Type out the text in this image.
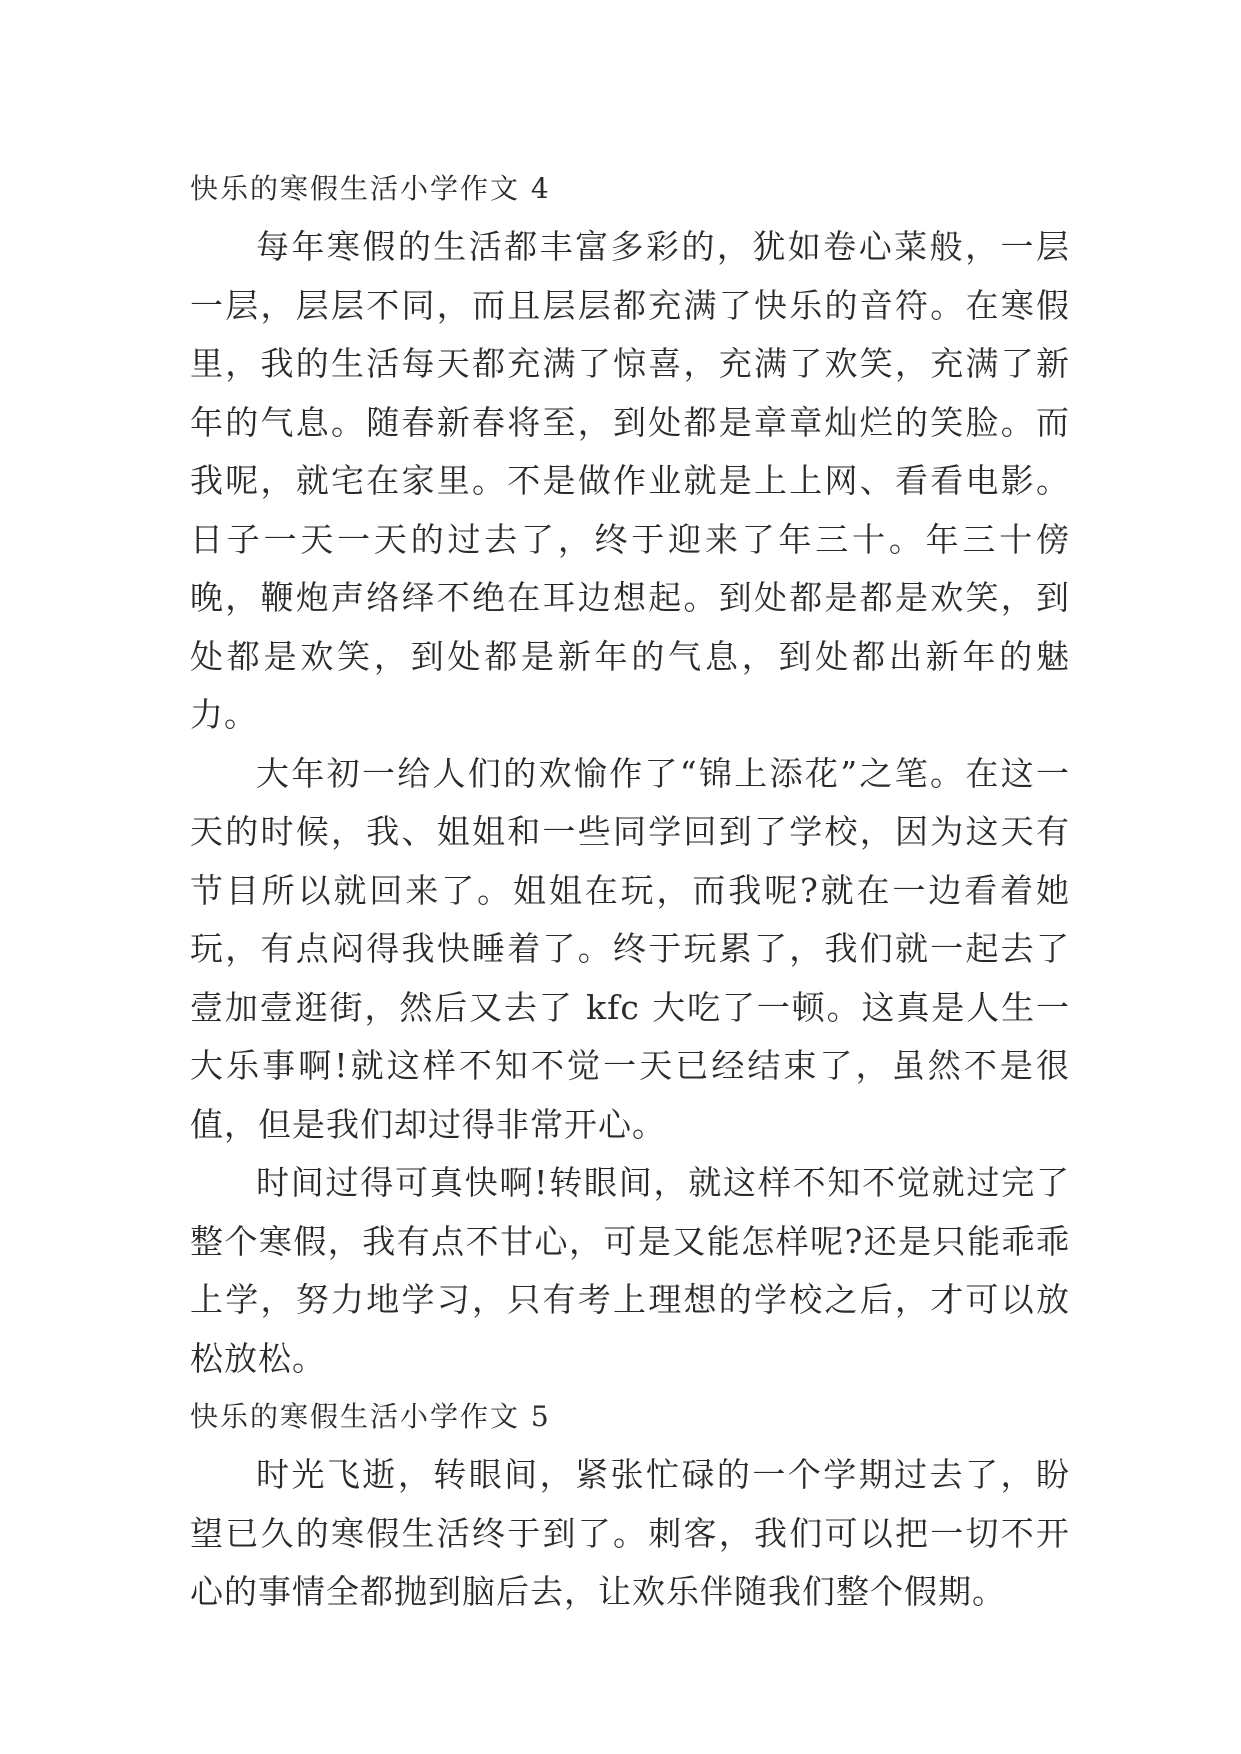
快乐的寒假生活小学作文 4

每年寒假的生活都丰富多彩的，犹如卷心菜般，一层一层，层层不同，而且层层都充满了快乐的音符。在寒假里，我的生活每天都充满了惊喜，充满了欢笑，充满了新年的气息。随春新春将至，到处都是章章灿烂的笑脸。而我呢，就宅在家里。不是做作业就是上上网、看看电影。日子一天一天的过去了，终于迎来了年三十。年三十傍晚，鞭炮声络绎不绝在耳边想起。到处都是都是欢笑，到处都是欢笑，到处都是新年的气息，到处都出新年的魅力。

大年初一给人们的欢愉作了“锦上添花”之笔。在这一天的时候，我、姐姐和一些同学回到了学校，因为这天有节目所以就回来了。姐姐在玩，而我呢?就在一边看着她玩，有点闷得我快睡着了。终于玩累了，我们就一起去了壹加壹逛街，然后又去了 kfc 大吃了一顿。这真是人生一大乐事啊!就这样不知不觉一天已经结束了，虽然不是很值，但是我们却过得非常开心。

时间过得可真快啊!转眼间，就这样不知不觉就过完了整个寒假，我有点不甘心，可是又能怎样呢?还是只能乖乖上学，努力地学习，只有考上理想的学校之后，才可以放松放松。

快乐的寒假生活小学作文 5

时光飞逝，转眼间，紧张忙碌的一个学期过去了，盼望已久的寒假生活终于到了。刺客，我们可以把一切不开心的事情全都抛到脑后去，让欢乐伴随我们整个假期。
